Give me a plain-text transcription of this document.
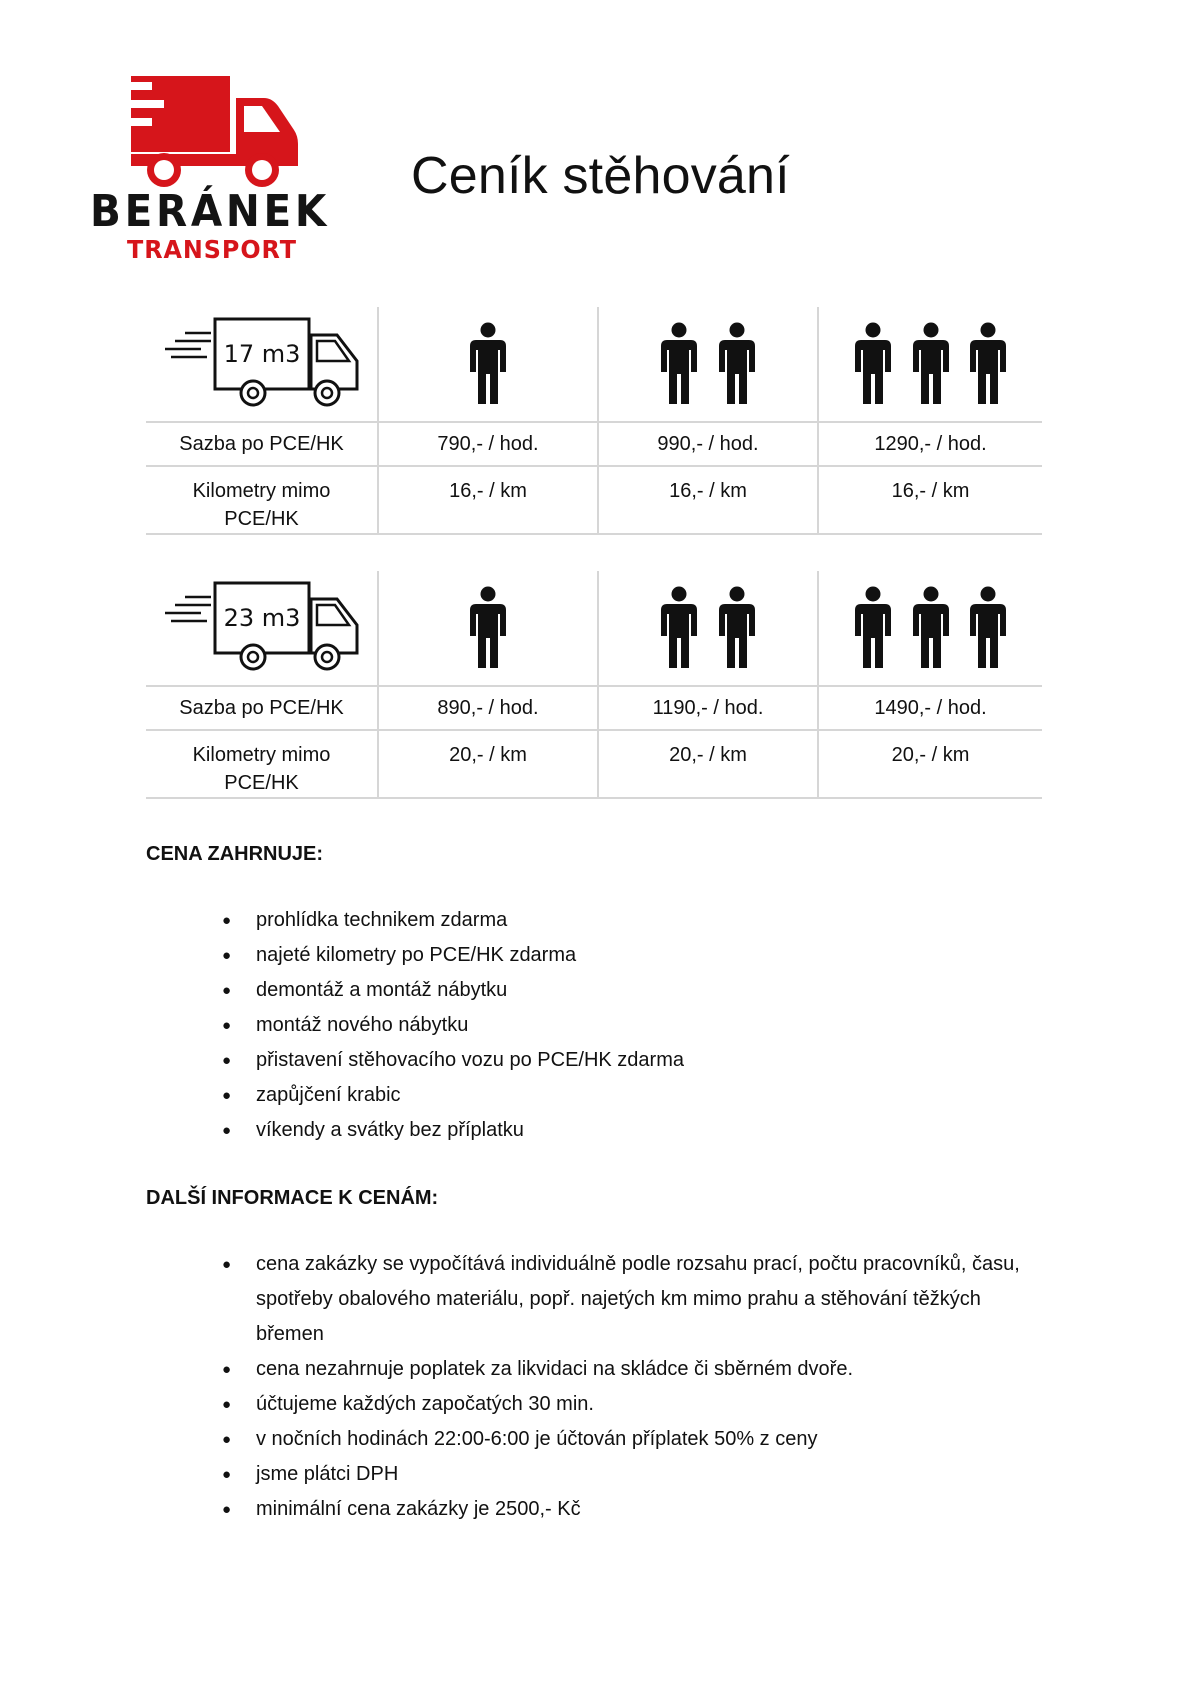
BERÁNEK
TRANSPORT
Ceník stěhování
17 m3

Sazba po PCE/HK	790,- / hod.	990,- / hod.	1290,- / hod.

Kilometry mimo
PCE/HK	16,- / km	16,- / km	16,- / km
23 m3

Sazba po PCE/HK	890,- / hod.	1190,- / hod.	1490,- / hod.

Kilometry mimo
PCE/HK	20,- / km	20,- / km	20,- / km
CENA ZAHRNUJE:
● prohlídka technikem zdarma
● najeté kilometry po PCE/HK zdarma
● demontáž a montáž nábytku
● montáž nového nábytku
● přistavení stěhovacího vozu po PCE/HK zdarma
● zapůjčení krabic
● víkendy a svátky bez příplatku
DALŠÍ INFORMACE K CENÁM:
● cena zakázky se vypočítává individuálně podle rozsahu prací, počtu pracovníků, času, spotřeby obalového materiálu, popř. najetých km mimo prahu a stěhování těžkých břemen
● cena nezahrnuje poplatek za likvidaci na skládce či sběrném dvoře.
● účtujeme každých započatých 30 min.
● v nočních hodinách 22:00-6:00 je účtován příplatek 50% z ceny
● jsme plátci DPH
● minimální cena zakázky je 2500,- Kč
